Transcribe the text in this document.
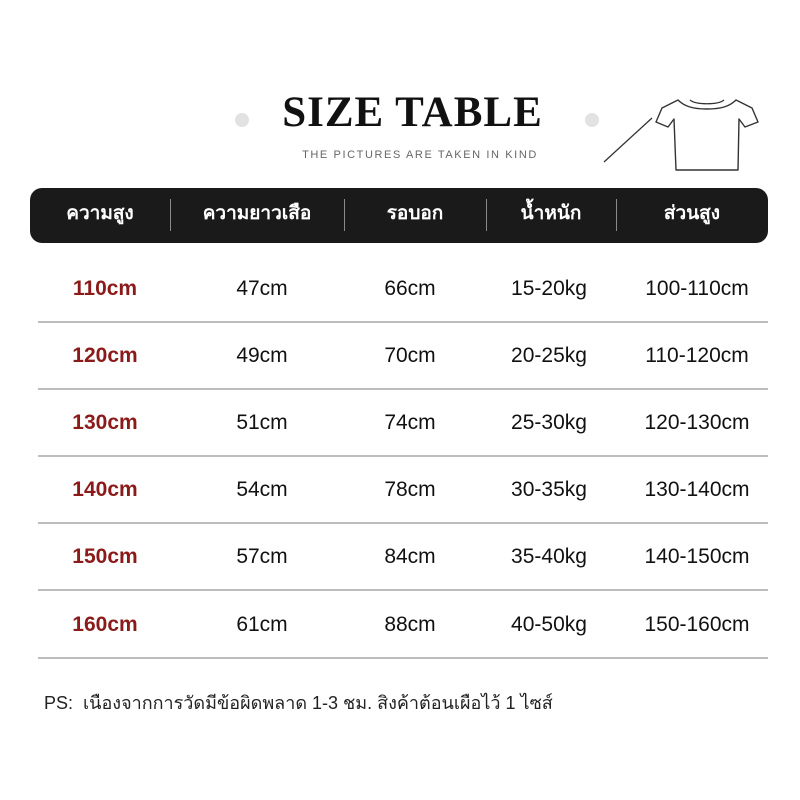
SIZE TABLE
THE PICTURES ARE TAKEN IN KIND
ความสูง	ความยาวเสือ	รอบอก	น้ำหนัก	ส่วนสูง
110cm	47cm	66cm	15-20kg	100-110cm
120cm	49cm	70cm	20-25kg	110-120cm
130cm	51cm	74cm	25-30kg	120-130cm
140cm	54cm	78cm	30-35kg	130-140cm
150cm	57cm	84cm	35-40kg	140-150cm
160cm	61cm	88cm	40-50kg	150-160cm
PS: เนืองจากการวัดมีข้อผิดพลาด 1-3 ชม. สิงค้าต้อนเผือไว้ 1 ไซส์
